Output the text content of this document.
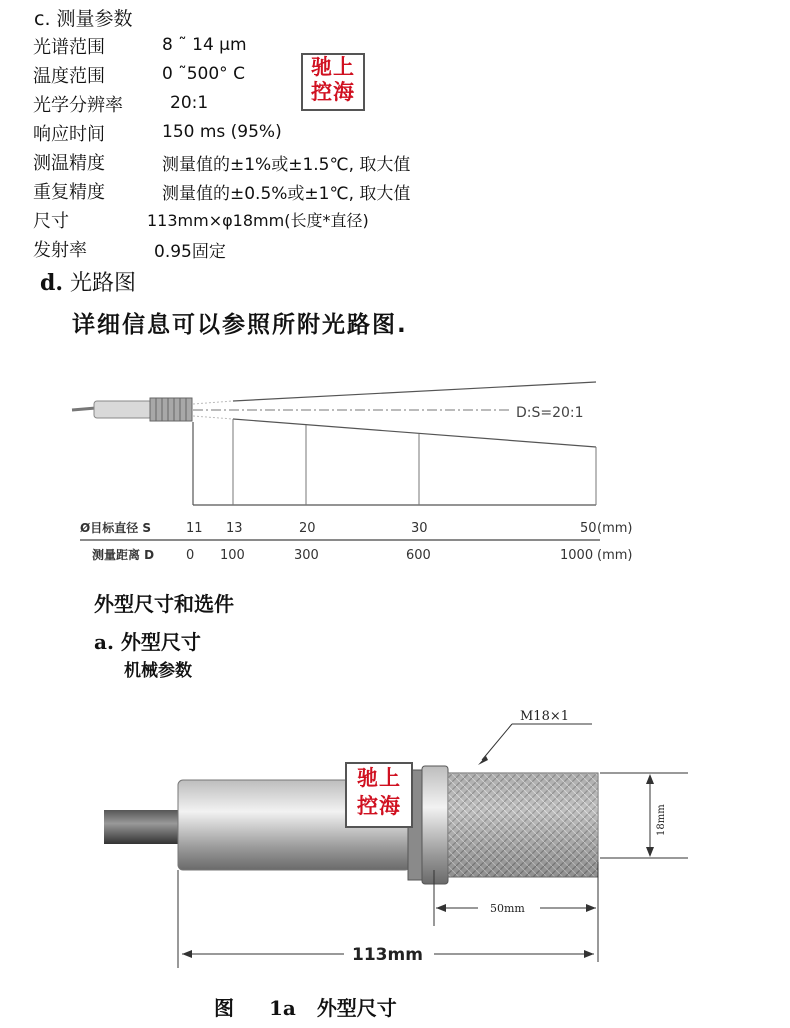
c. 测量参数
光谱范围	8 ˜ 14 μm
温度范围	0 ˜500° C
光学分辨率	20:1
响应时间	150 ms (95%)
测温精度	测量值的±1%或±1.5℃, 取大值
重复精度	测量值的±0.5%或±1℃, 取大值
尺寸	113mm×φ18mm(长度*直径)
发射率	0.95固定
驰上
控海
d. 光路图
详细信息可以参照所附光路图.
D:S=20:1
Ø目标直径 S	11 13	20	30	50 (mm)
测量距离 D 0 100	300	600	1000 (mm)
外型尺寸和选件
a. 外型尺寸
机械参数
M18×1
18mm
50mm
113mm
驰上
控海
图 1a 外型尺寸
